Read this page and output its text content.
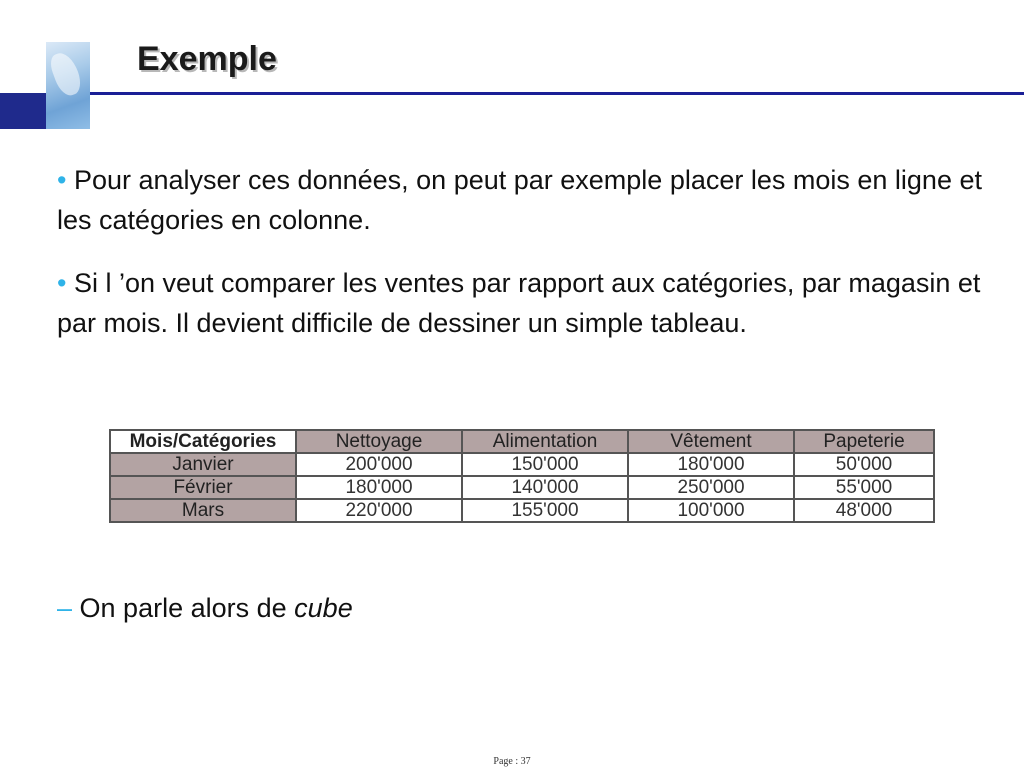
Exemple

• Pour analyser ces données, on peut par exemple placer les mois en ligne et les catégories en colonne.

• Si l ’on veut comparer les ventes par rapport aux catégories, par magasin et par mois. Il devient difficile de dessiner un simple tableau.

Mois/Catégories	Nettoyage	Alimentation	Vêtement	Papeterie
Janvier	200'000	150'000	180'000	50'000
Février	180'000	140'000	250'000	55'000
Mars	220'000	155'000	100'000	48'000

– On parle alors de cube

Page : 37
